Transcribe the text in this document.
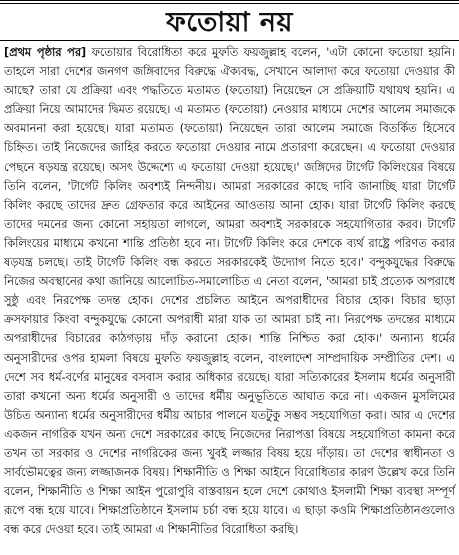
ফতোয়া নয়

[প্রথম পৃষ্ঠার পর] ফতোয়ার বিরোধিতা করে মুফতি ফয়জুল্লাহ বলেন, 'এটা কোনো ফতোয়া হয়নি। তাহলে সারা দেশের জনগণ জঙ্গিবাদের বিরুদ্ধে ঐক্যবদ্ধ, সেখানে আলাদা করে ফতোয়া দেওয়ার কী আছে? তারা যে প্রক্রিয়া এবং পদ্ধতিতে মতামত (ফতোয়া) নিয়েছেন সে প্রক্রিয়াটি যথাযথ হয়নি। এ প্রক্রিয়া নিয়ে আমাদের দ্বিমত রয়েছে। এ মতামত (ফতোয়া) নেওয়ার মাধ্যমে দেশের আলেম সমাজকে অবমাননা করা হয়েছে। যারা মতামত (ফতোয়া) নিয়েছেন তারা আলেম সমাজে বিতর্কিত হিসেবে চিহ্নিত। তাই নিজেদের জাহির করতে ফতোয়া দেওয়ার নামে প্রতারণা করেছেন। এ ফতোয়া দেওয়ার পেছনে ষড়যন্ত্র রয়েছে। অসৎ উদ্দেশ্যে এ ফতোয়া দেওয়া হয়েছে।' জঙ্গিদের টার্গেট কিলিংয়ের বিষয়ে তিনি বলেন, 'টার্গেট কিলিং অবশ্যই নিন্দনীয়। আমরা সরকারের কাছে দাবি জানাচ্ছি যারা টার্গেট কিলিং করছে তাদের দ্রুত গ্রেফতার করে আইনের আওতায় আনা হোক। যারা টার্গেট কিলিং করছে তাদের দমনের জন্য কোনো সহায়তা লাগলে, আমরা অবশ্যই সরকারকে সহযোগিতার করব। টার্গেট কিলিংয়ের মাধ্যমে কখনো শান্তি প্রতিষ্ঠা হবে না। টার্গেট কিলিং করে দেশকে ব্যর্থ রাষ্ট্রে পরিণত করার ষড়যন্ত্র চলছে। তাই টার্গেট কিলিং বন্ধ করতে সরকারকেই উদ্যোগ নিতে হবে।' বন্দুকযুদ্ধের বিরুদ্ধে নিজের অবস্থানের কথা জানিয়ে আলোচিত-সমালোচিত এ নেতা বলেন, 'আমরা চাই প্রত্যেক অপরাধে সুষ্ঠু এবং নিরপেক্ষ তদন্ত হোক। দেশের প্রচলিত আইনে অপরাধীদের বিচার হোক। বিচার ছাড়া ক্রসফায়ার কিংবা বন্দুকযুদ্ধে কোনো অপরাধী মারা যাক তা আমরা চাই না। নিরপেক্ষ তদন্তের মাধ্যমে অপরাধীদের বিচারের কাঠগড়ায় দাঁড় করানো হোক। শান্তি নিশ্চিত করা হোক।' অন্যান্য ধর্মের অনুসারীদের ওপর হামলা বিষয়ে মুফতি ফয়জুল্লাহ বলেন, বাংলাদেশ সাম্প্রদায়িক সম্প্রীতির দেশ। এ দেশে সব ধর্ম-বর্ণের মানুষের বসবাস করার অধিকার রয়েছে। যারা সত্যিকারের ইসলাম ধর্মের অনুসারী তারা কখনো অন্য ধর্মের অনুসারী ও তাদের ধর্মীয় অনুভূতিতে আঘাত করে না। একজন মুসলিমের উচিত অন্যান্য ধর্মের অনুসারীদের ধর্মীয় আচার পালনে যতটুকু সম্ভব সহযোগিতা করা। আর এ দেশের একজন নাগরিক যখন অন্য দেশে সরকারের কাছে নিজেদের নিরাপত্তা বিষয়ে সহযোগিতা কামনা করে তখন তা সরকার ও দেশের নাগরিকের জন্য খুবই লজ্জার বিষয় হয়ে দাঁড়ায়। তা দেশের স্বাধীনতা ও সার্বভৌমত্বের জন্য লজ্জাজনক বিষয়। শিক্ষানীতি ও শিক্ষা আইনে বিরোধিতার কারণ উল্লেখ করে তিনি বলেন, শিক্ষানীতি ও শিক্ষা আইন পুরোপুরি বাস্তবায়ন হলে দেশে কোথাও ইসলামী শিক্ষা ব্যবস্থা সম্পূর্ণ রূপে বন্ধ হয়ে যাবে। শিক্ষাপ্রতিষ্ঠানে ইসলাম চর্চা বন্ধ হয়ে যাবে। এ ছাড়া কওমি শিক্ষাপ্রতিষ্ঠানগুলোও বন্ধ করে দেওয়া হবে। তাই আমরা এ শিক্ষানীতির বিরোধিতা করছি।
